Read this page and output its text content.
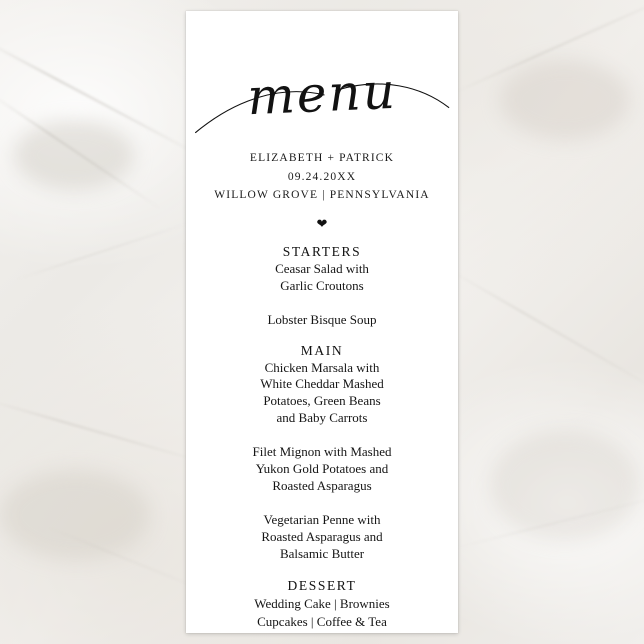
menu
ELIZABETH + PATRICK
09.24.20XX
WILLOW GROVE | PENNSYLVANIA
❤
STARTERS
Ceasar Salad with
Garlic Croutons
Lobster Bisque Soup
MAIN
Chicken Marsala with
White Cheddar Mashed
Potatoes, Green Beans
and Baby Carrots
Filet Mignon with Mashed
Yukon Gold Potatoes and
Roasted Asparagus
Vegetarian Penne with
Roasted Asparagus and
Balsamic Butter
DESSERT
Wedding Cake | Brownies
Cupcakes | Coffee & Tea
